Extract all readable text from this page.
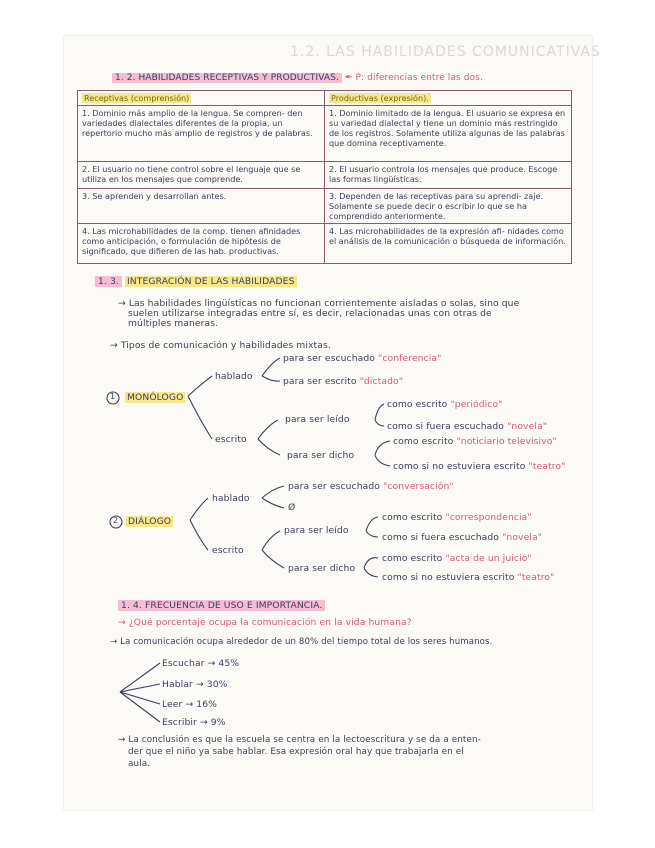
1.2. LAS HABILIDADES COMUNICATIVAS
1. 2. HABILIDADES RECEPTIVAS Y PRODUCTIVAS. ✒ P: diferencias entre las dos.
Receptivas (comprensión)	Productivas (expresión).
1. Dominio más amplio de la lengua. Se compren- den variedades dialectales diferentes de la propia, un repertorio mucho más amplio de registros y de palabras.	1. Dominio limitado de la lengua. El usuario se expresa en su variedad dialectal y tiene un dominio más restringido de los registros. Solamente utiliza algunas de las palabras que domina receptivamente.
2. El usuario no tiene control sobre el lenguaje que se utiliza en los mensajes que comprende.	2. El usuario controla los mensajes que produce. Escoge las formas lingüísticas.
3. Se aprenden y desarrollan antes.	3. Dependen de las receptivas para su aprendi- zaje. Solamente se puede decir o escribir lo que se ha comprendido anteriormente.
4. Las microhabilidades de la comp. tienen afinidades como anticipación, o formulación de hipótesis de significado, que difieren de las hab. productivas.	4. Las microhabilidades de la expresión afi- nidades como el análisis de la comunicación o búsqueda de información.
1. 3. INTEGRACIÓN DE LAS HABILIDADES
→ Las habilidades lingüísticas no funcionan corrientemente aisladas o solas, sino que
suelen utilizarse integradas entre sí, es decir, relacionadas unas con otras de
múltiples maneras.
→ Tipos de comunicación y habilidades mixtas.
1 MONÓLOGO
hablado
para ser escuchado "conferencia"
para ser escrito "dictado"
escrito
para ser leído
como escrito "periódico"
como si fuera escuchado "novela"
para ser dicho
como escrito "noticiario televisivo"
como si no estuviera escrito "teatro"
2 DIÁLOGO
hablado
para ser escuchado "conversación"
Ø
escrito
para ser leído
como escrito "correspondencia"
como si fuera escuchado "novela"
para ser dicho
como escrito "acta de un juicio"
como si no estuviera escrito "teatro"
1. 4. FRECUENCIA DE USO E IMPORTANCIA.
→ ¿Qué porcentaje ocupa la comunicación en la vida humana?
→ La comunicación ocupa alrededor de un 80% del tiempo total de los seres humanos.
Escuchar → 45%
Hablar → 30%
Leer → 16%
Escribir → 9%
→ La conclusión es que la escuela se centra en la lectoescritura y se da a enten-
der que el niño ya sabe hablar. Esa expresión oral hay que trabajarla en el
aula.
